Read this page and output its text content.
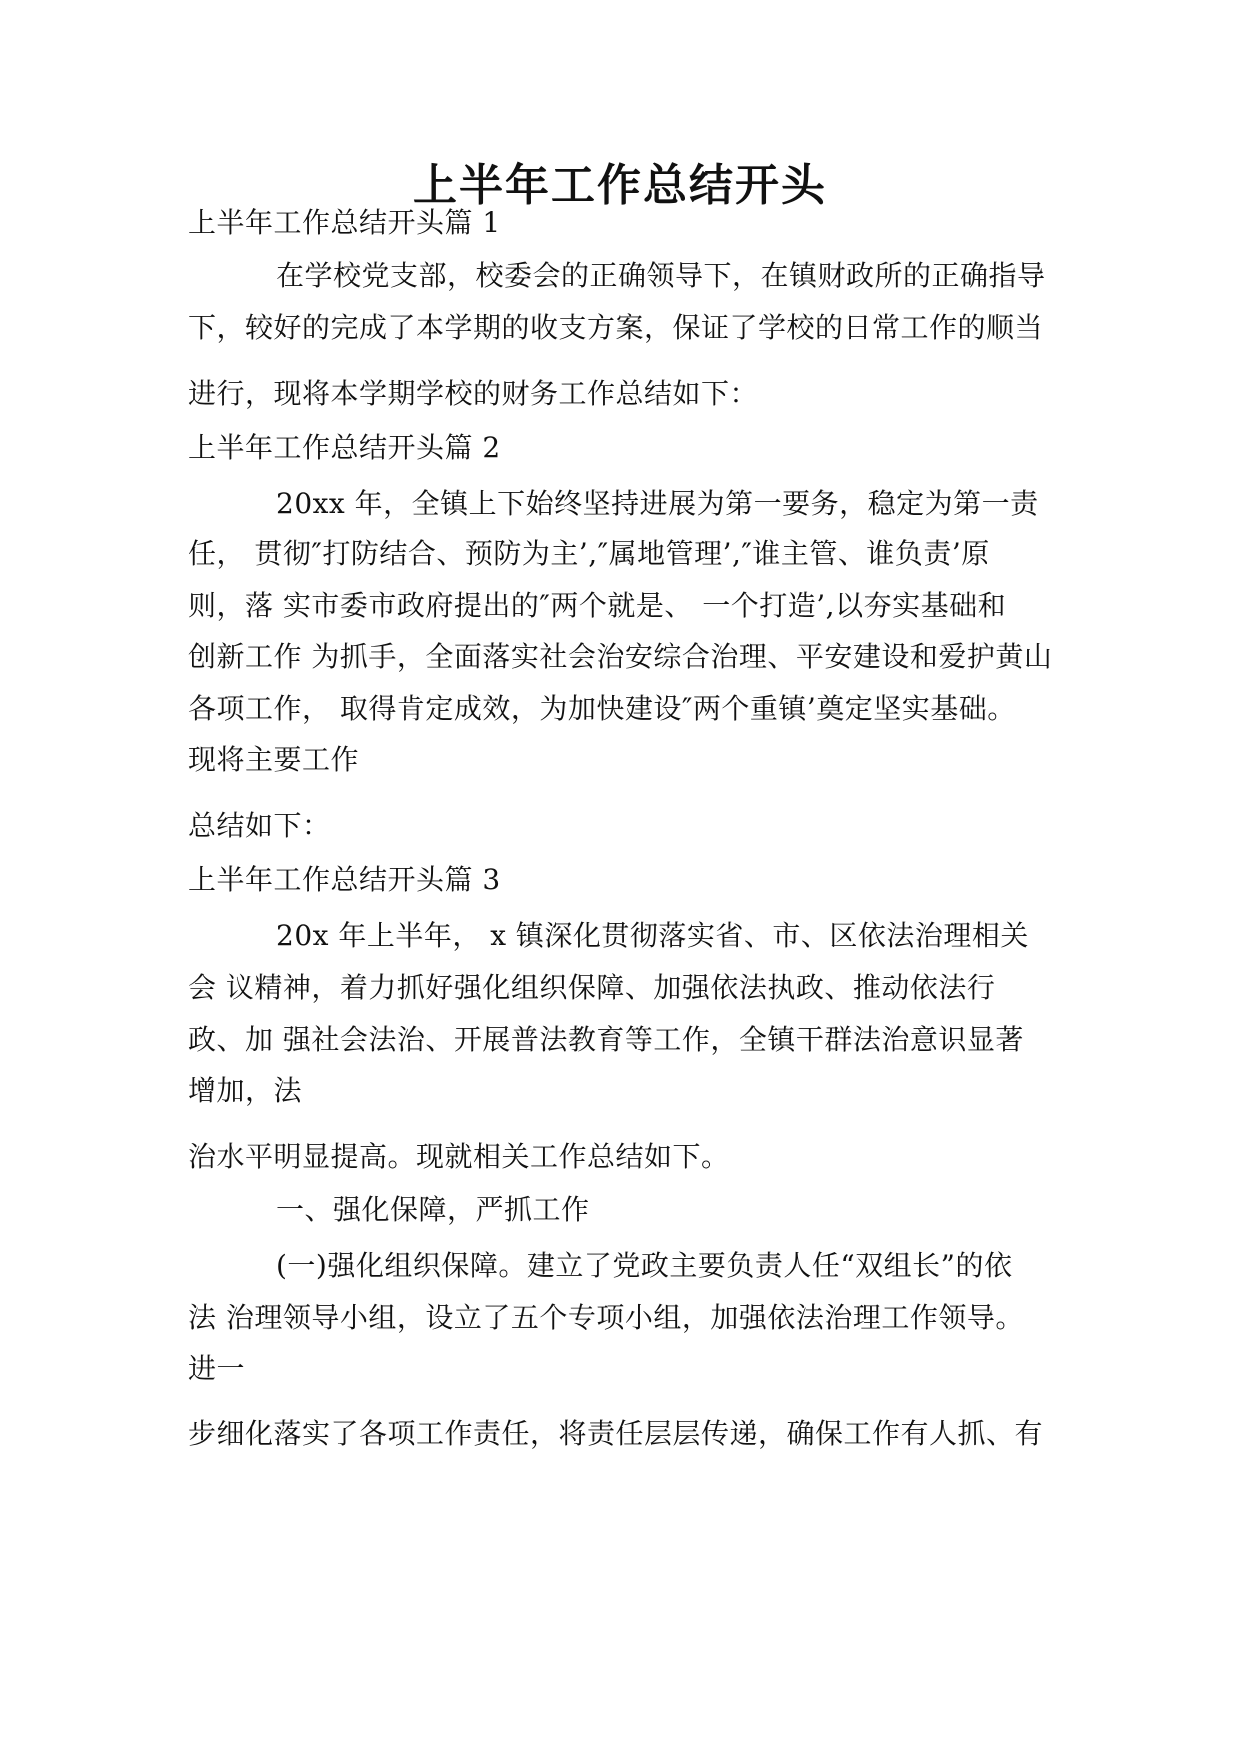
上半年工作总结开头
上半年工作总结开头篇 1
在学校党支部，校委会的正确领导下，在镇财政所的正确指导
下，较好的完成了本学期的收支方案，保证了学校的日常工作的顺当
进行，现将本学期学校的财务工作总结如下：
上半年工作总结开头篇 2
20xx 年，全镇上下始终坚持进展为第一要务，稳定为第一责
任， 贯彻″打防结合、预防为主’,″属地管理’,″谁主管、谁负责’原
则，落 实市委市政府提出的″两个就是、 一个打造’,以夯实基础和
创新工作 为抓手，全面落实社会治安综合治理、平安建设和爱护黄山
各项工作， 取得肯定成效，为加快建设″两个重镇’奠定坚实基础。
现将主要工作
总结如下：
上半年工作总结开头篇 3
20x 年上半年， x 镇深化贯彻落实省、市、区依法治理相关
会 议精神，着力抓好强化组织保障、加强依法执政、推动依法行
政、加 强社会法治、开展普法教育等工作，全镇干群法治意识显著
增加，法
治水平明显提高。现就相关工作总结如下。
一、强化保障，严抓工作
(一)强化组织保障。建立了党政主要负责人任“双组长”的依
法 治理领导小组，设立了五个专项小组，加强依法治理工作领导。
进一
步细化落实了各项工作责任，将责任层层传递，确保工作有人抓、有
